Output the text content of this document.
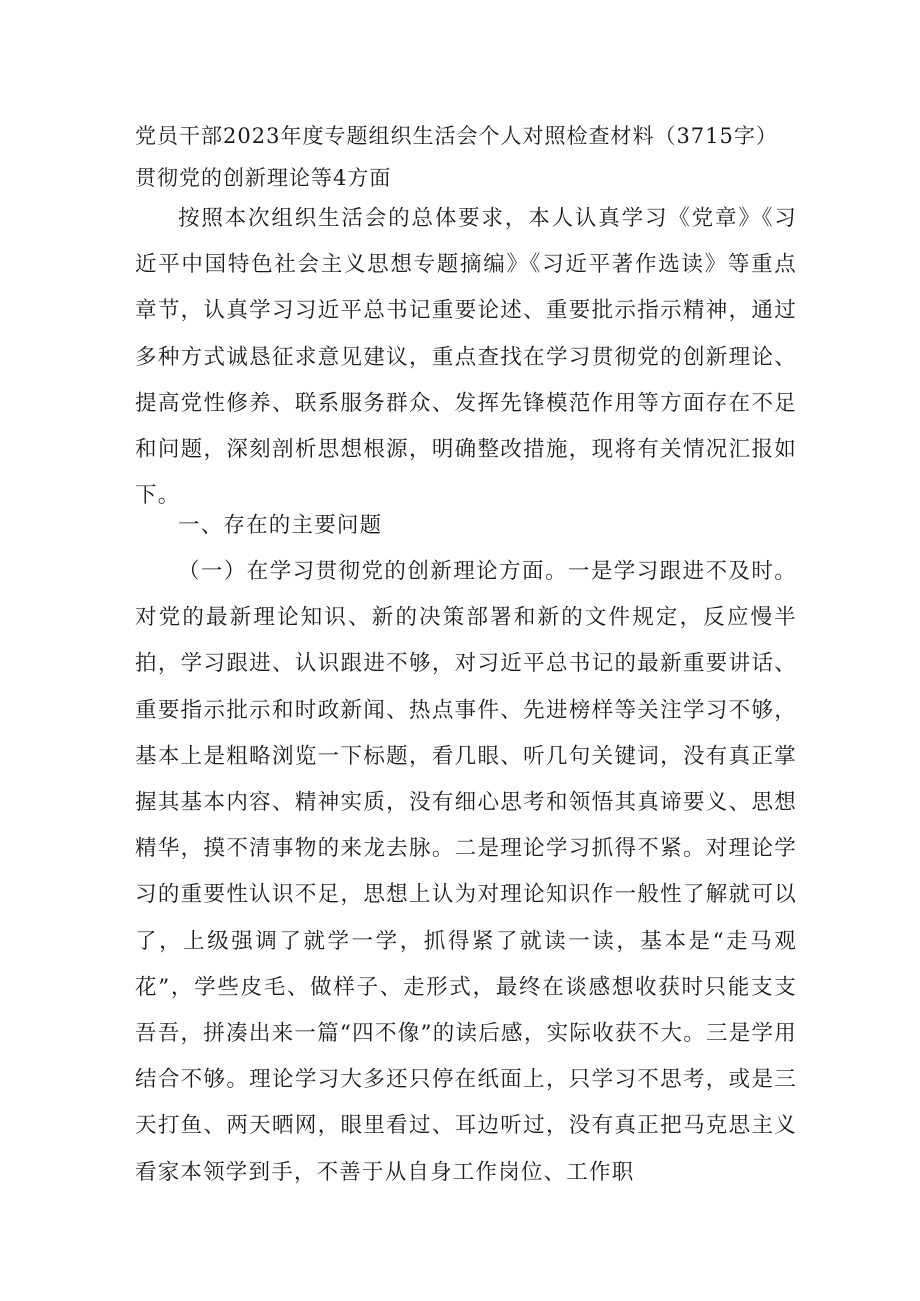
党员干部2023年度专题组织生活会个人对照检查材料（3715字）
贯彻党的创新理论等4方面

按照本次组织生活会的总体要求，本人认真学习《党章》《习近平中国特色社会主义思想专题摘编》《习近平著作选读》等重点章节，认真学习习近平总书记重要论述、重要批示指示精神，通过多种方式诚恳征求意见建议，重点查找在学习贯彻党的创新理论、提高党性修养、联系服务群众、发挥先锋模范作用等方面存在不足和问题，深刻剖析思想根源，明确整改措施，现将有关情况汇报如下。

一、存在的主要问题

（一）在学习贯彻党的创新理论方面。一是学习跟进不及时。对党的最新理论知识、新的决策部署和新的文件规定，反应慢半拍，学习跟进、认识跟进不够，对习近平总书记的最新重要讲话、重要指示批示和时政新闻、热点事件、先进榜样等关注学习不够，基本上是粗略浏览一下标题，看几眼、听几句关键词，没有真正掌握其基本内容、精神实质，没有细心思考和领悟其真谛要义、思想精华，摸不清事物的来龙去脉。二是理论学习抓得不紧。对理论学习的重要性认识不足，思想上认为对理论知识作一般性了解就可以了，上级强调了就学一学，抓得紧了就读一读，基本是“走马观花”，学些皮毛、做样子、走形式，最终在谈感想收获时只能支支吾吾，拼凑出来一篇“四不像”的读后感，实际收获不大。三是学用结合不够。理论学习大多还只停在纸面上，只学习不思考，或是三天打鱼、两天晒网，眼里看过、耳边听过，没有真正把马克思主义看家本领学到手，不善于从自身工作岗位、工作职
